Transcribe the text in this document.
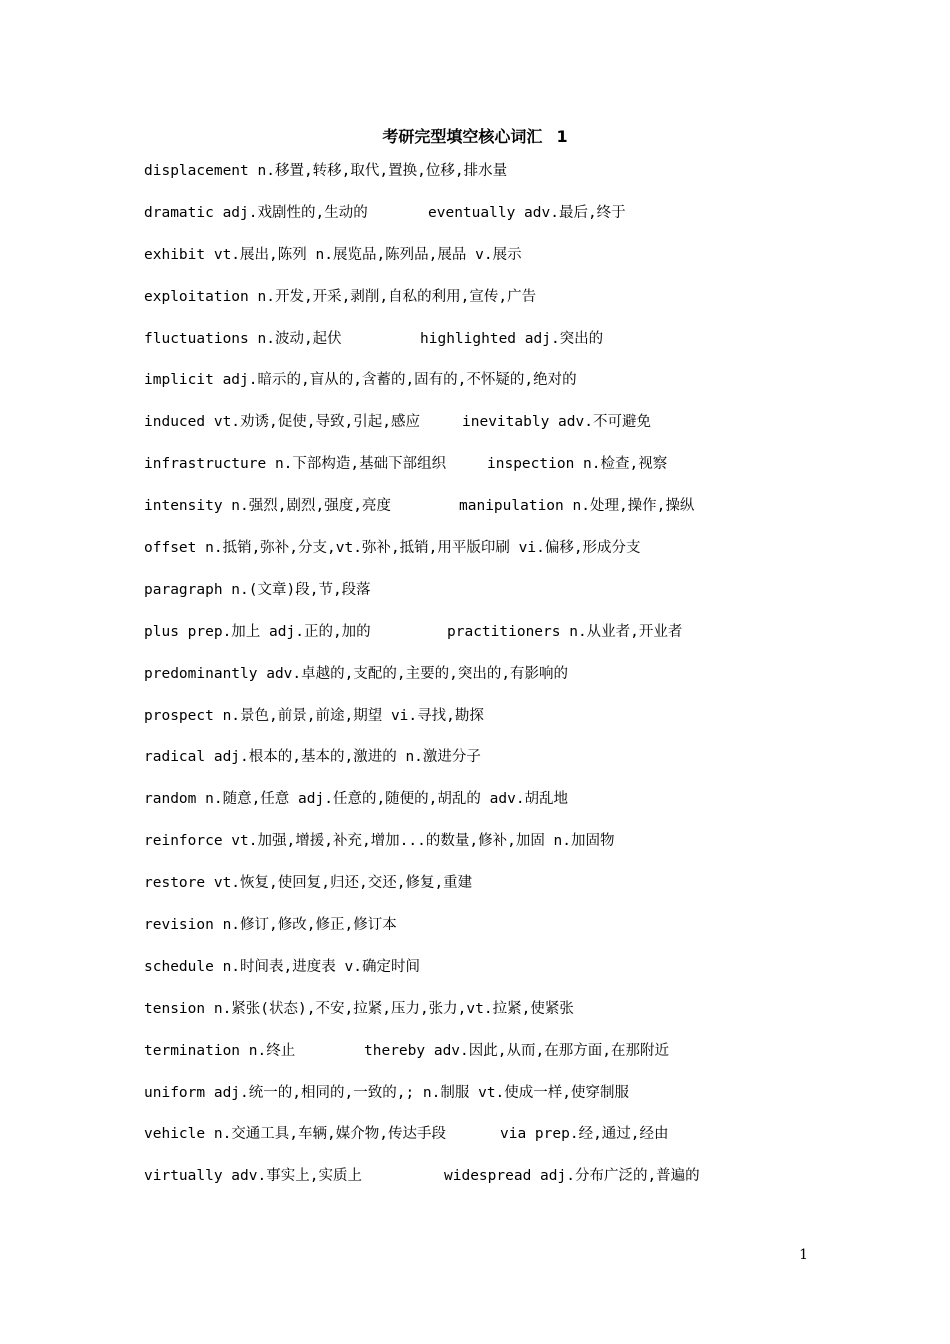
考研完型填空核心词汇 1
displacement n.移置,转移,取代,置换,位移,排水量
dramatic adj.戏剧性的,生动的	eventually adv.最后,终于
exhibit vt.展出,陈列 n.展览品,陈列品,展品 v.展示
exploitation n.开发,开采,剥削,自私的利用,宣传,广告
fluctuations n.波动,起伏	highlighted adj.突出的
implicit adj.暗示的,盲从的,含蓄的,固有的,不怀疑的,绝对的
induced vt.劝诱,促使,导致,引起,感应	inevitably adv.不可避免
infrastructure n.下部构造,基础下部组织	inspection n.检查,视察
intensity n.强烈,剧烈,强度,亮度	manipulation n.处理,操作,操纵
offset n.抵销,弥补,分支,vt.弥补,抵销,用平版印刷 vi.偏移,形成分支
paragraph n.(文章)段,节,段落
plus prep.加上 adj.正的,加的	practitioners n.从业者,开业者
predominantly adv.卓越的,支配的,主要的,突出的,有影响的
prospect n.景色,前景,前途,期望 vi.寻找,勘探
radical adj.根本的,基本的,激进的 n.激进分子
random n.随意,任意 adj.任意的,随便的,胡乱的 adv.胡乱地
reinforce vt.加强,增援,补充,增加...的数量,修补,加固 n.加固物
restore vt.恢复,使回复,归还,交还,修复,重建
revision n.修订,修改,修正,修订本
schedule n.时间表,进度表 v.确定时间
tension n.紧张(状态),不安,拉紧,压力,张力,vt.拉紧,使紧张
termination n.终止	thereby adv.因此,从而,在那方面,在那附近
uniform adj.统一的,相同的,一致的,; n.制服 vt.使成一样,使穿制服
vehicle n.交通工具,车辆,媒介物,传达手段	via prep.经,通过,经由
virtually adv.事实上,实质上	widespread adj.分布广泛的,普遍的
1
